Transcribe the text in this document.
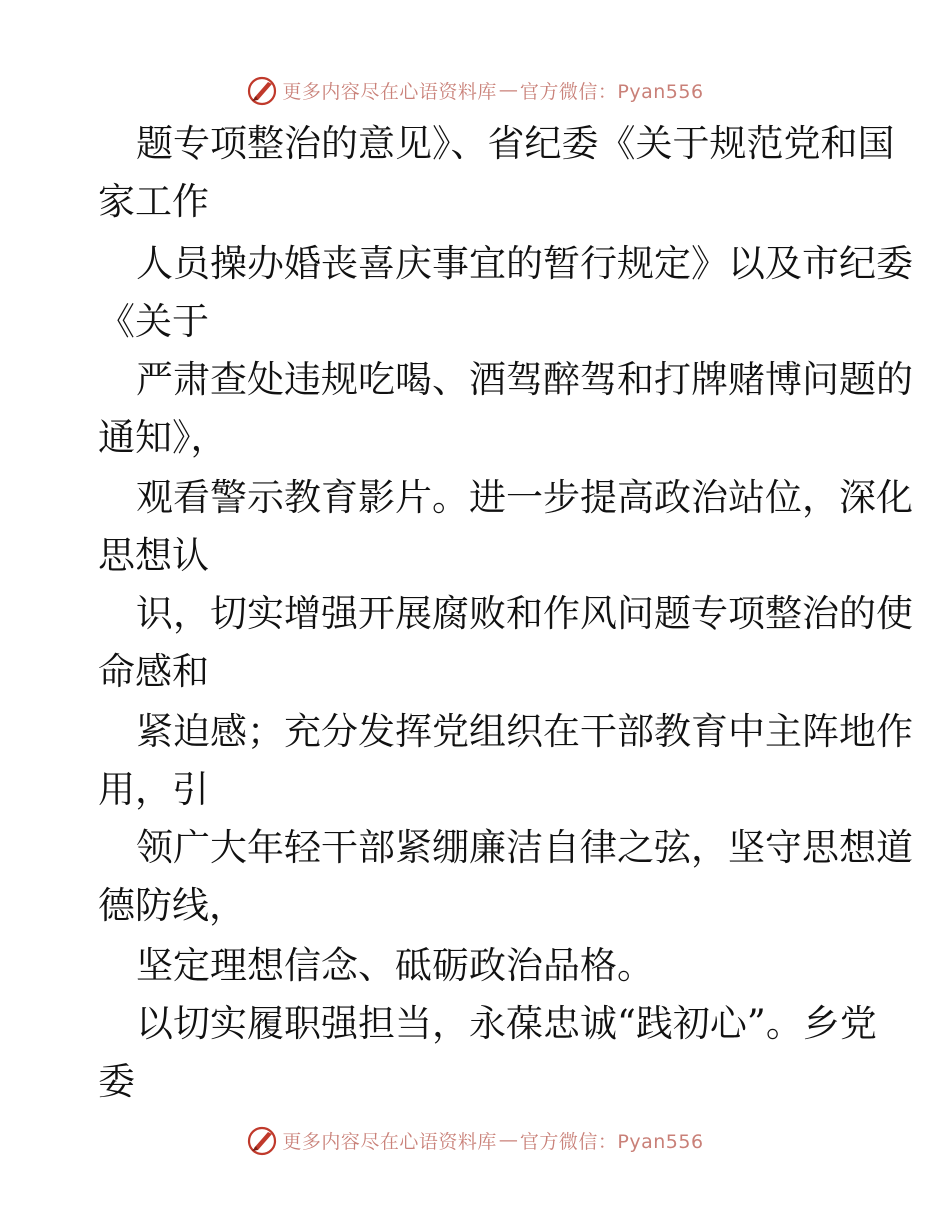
更多内容尽在心语资料库 — 官方微信：Pyan556
题专项整治的意见》、省纪委《关于规范党和国
家工作
人员操办婚丧喜庆事宜的暂行规定》以及市纪委
《关于
严肃查处违规吃喝、酒驾醉驾和打牌赌博问题的
通知》，
观看警示教育影片。进一步提高政治站位，深化
思想认
识，切实增强开展腐败和作风问题专项整治的使
命感和
紧迫感；充分发挥党组织在干部教育中主阵地作
用，引
领广大年轻干部紧绷廉洁自律之弦，坚守思想道
德防线，
坚定理想信念、砥砺政治品格。
以切实履职强担当，永葆忠诚“践初心”。乡党
委
更多内容尽在心语资料库 — 官方微信：Pyan556
